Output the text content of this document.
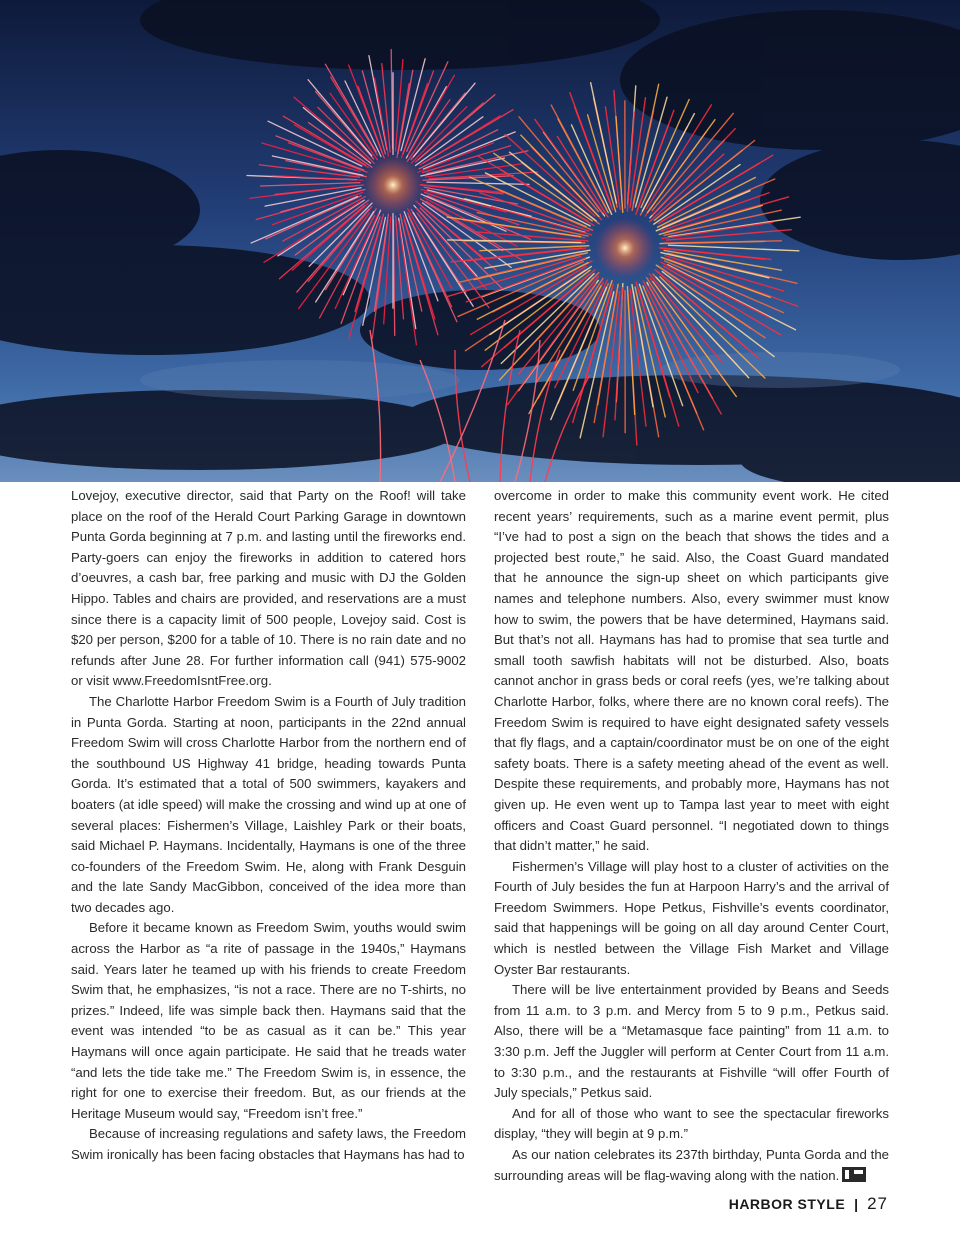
Lovejoy, executive director, said that Party on the Roof! will take place on the roof of the Herald Court Parking Garage in downtown Punta Gorda beginning at 7 p.m. and lasting until the fireworks end. Party-goers can enjoy the fireworks in addition to catered hors d’oeuvres, a cash bar, free parking and music with DJ the Golden Hippo. Tables and chairs are provided, and reservations are a must since there is a capacity limit of 500 people, Lovejoy said. Cost is $20 per person, $200 for a table of 10. There is no rain date and no refunds after June 28. For further information call (941) 575-9002 or visit www.FreedomIsntFree.org.

The Charlotte Harbor Freedom Swim is a Fourth of July tradition in Punta Gorda. Starting at noon, participants in the 22nd annual Freedom Swim will cross Charlotte Harbor from the northern end of the southbound US Highway 41 bridge, heading towards Punta Gorda. It’s estimated that a total of 500 swimmers, kayakers and boaters (at idle speed) will make the crossing and wind up at one of several places: Fishermen’s Village, Laishley Park or their boats, said Michael P. Haymans. Incidentally, Haymans is one of the three co-founders of the Freedom Swim. He, along with Frank Desguin and the late Sandy MacGibbon, conceived of the idea more than two decades ago.

Before it became known as Freedom Swim, youths would swim across the Harbor as “a rite of passage in the 1940s,” Haymans said. Years later he teamed up with his friends to create Freedom Swim that, he emphasizes, “is not a race. There are no T-shirts, no prizes.” Indeed, life was simple back then. Haymans said that the event was intended “to be as casual as it can be.” This year Haymans will once again participate. He said that he treads water “and lets the tide take me.” The Freedom Swim is, in essence, the right for one to exercise their freedom. But, as our friends at the Heritage Museum would say, “Freedom isn’t free.”

Because of increasing regulations and safety laws, the Freedom Swim ironically has been facing obstacles that Haymans has had to

overcome in order to make this community event work. He cited recent years’ requirements, such as a marine event permit, plus “I’ve had to post a sign on the beach that shows the tides and a projected best route,” he said. Also, the Coast Guard mandated that he announce the sign-up sheet on which participants give names and telephone numbers. Also, every swimmer must know how to swim, the powers that be have determined, Haymans said. But that’s not all. Haymans has had to promise that sea turtle and small tooth sawfish habitats will not be disturbed. Also, boats cannot anchor in grass beds or coral reefs (yes, we’re talking about Charlotte Harbor, folks, where there are no known coral reefs). The Freedom Swim is required to have eight designated safety vessels that fly flags, and a captain/coordinator must be on one of the eight safety boats. There is a safety meeting ahead of the event as well. Despite these requirements, and probably more, Haymans has not given up. He even went up to Tampa last year to meet with eight officers and Coast Guard personnel. “I negotiated down to things that didn’t matter,” he said.

Fishermen’s Village will play host to a cluster of activities on the Fourth of July besides the fun at Harpoon Harry’s and the arrival of Freedom Swimmers. Hope Petkus, Fishville’s events coordinator, said that happenings will be going on all day around Center Court, which is nestled between the Village Fish Market and Village Oyster Bar restaurants.

There will be live entertainment provided by Beans and Seeds from 11 a.m. to 3 p.m. and Mercy from 5 to 9 p.m., Petkus said. Also, there will be a “Metamasque face painting” from 11 a.m. to 3:30 p.m. Jeff the Juggler will perform at Center Court from 11 a.m. to 3:30 p.m., and the restaurants at Fishville “will offer Fourth of July specials,” Petkus said.

And for all of those who want to see the spectacular fireworks display, “they will begin at 9 p.m.”

As our nation celebrates its 237th birthday, Punta Gorda and the surrounding areas will be flag-waving along with the nation.

HARBOR STYLE | 27
